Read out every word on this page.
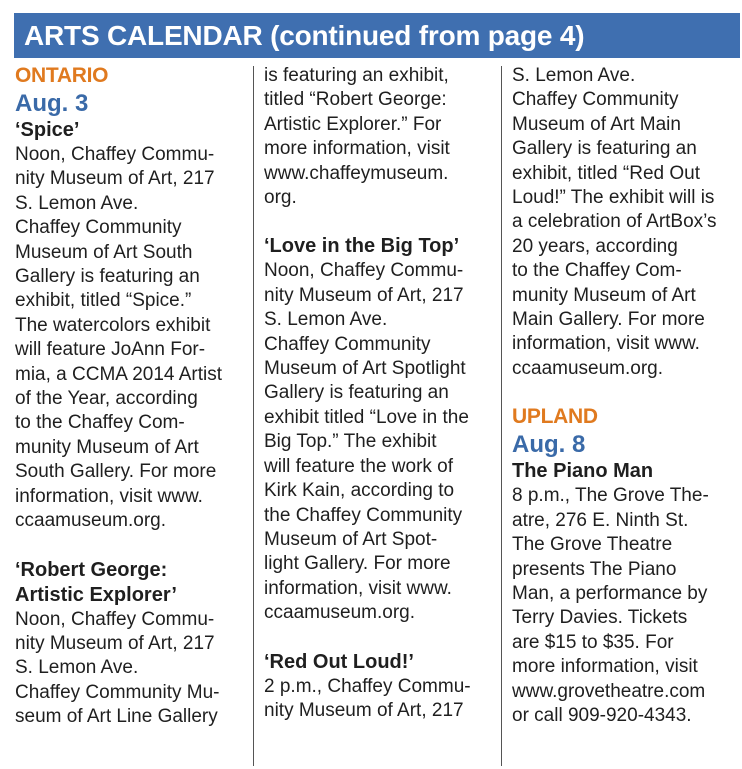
ARTS CALENDAR (continued from page 4)
ONTARIO
Aug. 3
‘Spice’
Noon, Chaffey Commu-
nity Museum of Art, 217
S. Lemon Ave.
Chaffey Community
Museum of Art South
Gallery is featuring an
exhibit, titled “Spice.”
The watercolors exhibit
will feature JoAnn For-
mia, a CCMA 2014 Artist
of the Year, according
to the Chaffey Com-
munity Museum of Art
South Gallery. For more
information, visit www.
ccaamuseum.org.
‘Robert George:
Artistic Explorer’
Noon, Chaffey Commu-
nity Museum of Art, 217
S. Lemon Ave.
Chaffey Community Mu-
seum of Art Line Gallery
is featuring an exhibit,
titled “Robert George:
Artistic Explorer.” For
more information, visit
www.chaffeymuseum.
org.
‘Love in the Big Top’
Noon, Chaffey Commu-
nity Museum of Art, 217
S. Lemon Ave.
Chaffey Community
Museum of Art Spotlight
Gallery is featuring an
exhibit titled “Love in the
Big Top.” The exhibit
will feature the work of
Kirk Kain, according to
the Chaffey Community
Museum of Art Spot-
light Gallery. For more
information, visit www.
ccaamuseum.org.
‘Red Out Loud!’
2 p.m., Chaffey Commu-
nity Museum of Art, 217
S. Lemon Ave.
Chaffey Community
Museum of Art Main
Gallery is featuring an
exhibit, titled “Red Out
Loud!” The exhibit will is
a celebration of ArtBox’s
20 years, according
to the Chaffey Com-
munity Museum of Art
Main Gallery. For more
information, visit www.
ccaamuseum.org.
UPLAND
Aug. 8
The Piano Man
8 p.m., The Grove The-
atre, 276 E. Ninth St.
The Grove Theatre
presents The Piano
Man, a performance by
Terry Davies. Tickets
are $15 to $35. For
more information, visit
www.grovetheatre.com
or call 909-920-4343.
